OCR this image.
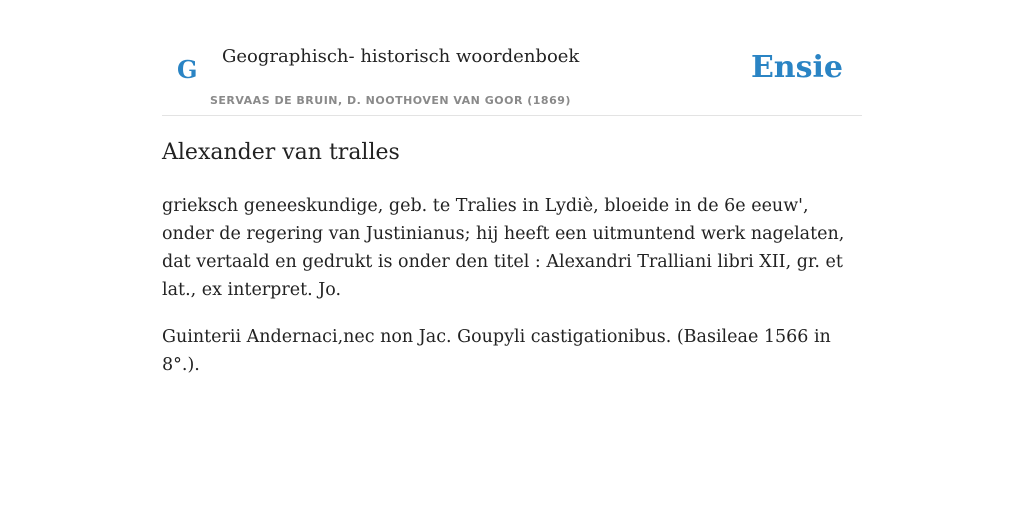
G Geographisch- historisch woordenboek
SERVAAS DE BRUIN, D. NOOTHOVEN VAN GOOR (1869)
Ensie
Alexander van tralles

grieksch geneeskundige, geb. te Tralies in Lydiè, bloeide in de 6e eeuw', onder de regering van Justinianus; hij heeft een uitmuntend werk nagelaten, dat vertaald en gedrukt is onder den titel : Alexandri Tralliani libri XII, gr. et lat., ex interpret. Jo.

Guinterii Andernaci,nec non Jac. Goupyli castigationibus. (Basileae 1566 in 8°.).
